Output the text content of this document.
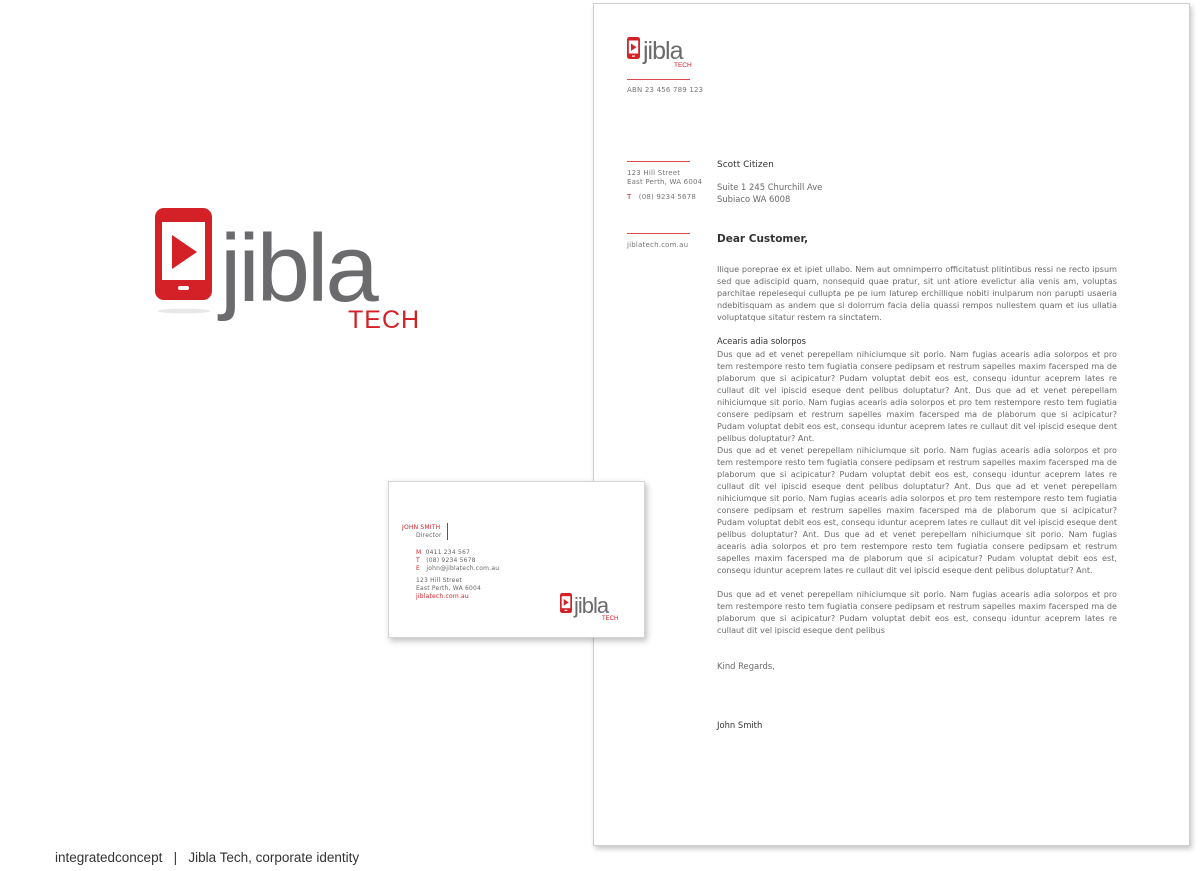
jibla
TECH
jibla
TECH
ABN 23 456 789 123
123 Hill Street
East Perth, WA 6004
T (08) 9234 5678
jiblatech.com.au
Scott Citizen
Suite 1 245 Churchill Ave
Subiaco WA 6008
Dear Customer,
Ilique poreprae ex et ipiet ullabo. Nem aut omnimperro officitatust plitintibus ressi ne recto ipsum sed que adiscipid quam, nonsequid quae pratur, sit unt atiore evelictur alia venis am, voluptas parchitae repelesequi cullupta pe pe ium laturep erchillique nobiti inulparum non parupti usaeria ndebitisquam as andem que si dolorrum facia delia quassi rempos nullestem quam et ius ullatia voluptatque sitatur restem ra sinctatem.
Acearis adia solorpos
Dus que ad et venet perepellam nihiciumque sit porio. Nam fugias acearis adia solorpos et pro tem restempore resto tem fugiatia consere pedipsam et restrum sapelles maxim facersped ma de plaborum que si acipicatur? Pudam voluptat debit eos est, consequ iduntur aceprem lates re cullaut dit vel ipiscid eseque dent pelibus doluptatur? Ant. Dus que ad et venet perepellam nihiciumque sit porio. Nam fugias acearis adia solorpos et pro tem restempore resto tem fugiatia consere pedipsam et restrum sapelles maxim facersped ma de plaborum que si acipicatur? Pudam voluptat debit eos est, consequ iduntur aceprem lates re cullaut dit vel ipiscid eseque dent pelibus doluptatur? Ant.
Dus que ad et venet perepellam nihiciumque sit porio. Nam fugias acearis adia solorpos et pro tem restempore resto tem fugiatia consere pedipsam et restrum sapelles maxim facersped ma de plaborum que si acipicatur? Pudam voluptat debit eos est, consequ iduntur aceprem lates re cullaut dit vel ipiscid eseque dent pelibus doluptatur? Ant. Dus que ad et venet perepellam nihiciumque sit porio. Nam fugias acearis adia solorpos et pro tem restempore resto tem fugiatia consere pedipsam et restrum sapelles maxim facersped ma de plaborum que si acipicatur? Pudam voluptat debit eos est, consequ iduntur aceprem lates re cullaut dit vel ipiscid eseque dent pelibus doluptatur? Ant. Dus que ad et venet perepellam nihiciumque sit porio. Nam fugias acearis adia solorpos et pro tem restempore resto tem fugiatia consere pedipsam et restrum sapelles maxim facersped ma de plaborum que si acipicatur? Pudam voluptat debit eos est, consequ iduntur aceprem lates re cullaut dit vel ipiscid eseque dent pelibus doluptatur? Ant.
Dus que ad et venet perepellam nihiciumque sit porio. Nam fugias acearis adia solorpos et pro tem restempore resto tem fugiatia consere pedipsam et restrum sapelles maxim facersped ma de plaborum que si acipicatur? Pudam voluptat debit eos est, consequ iduntur aceprem lates re cullaut dit vel ipiscid eseque dent pelibus
Kind Regards,
John Smith
JOHN SMITH
Director
M 0411 234 567
T (08) 9234 5678
E john@jiblatech.com.au
123 Hill Street
East Perth, WA 6004
jiblatech.com.au	jibla
TECH
integratedconcept   |   Jibla Tech, corporate identity
